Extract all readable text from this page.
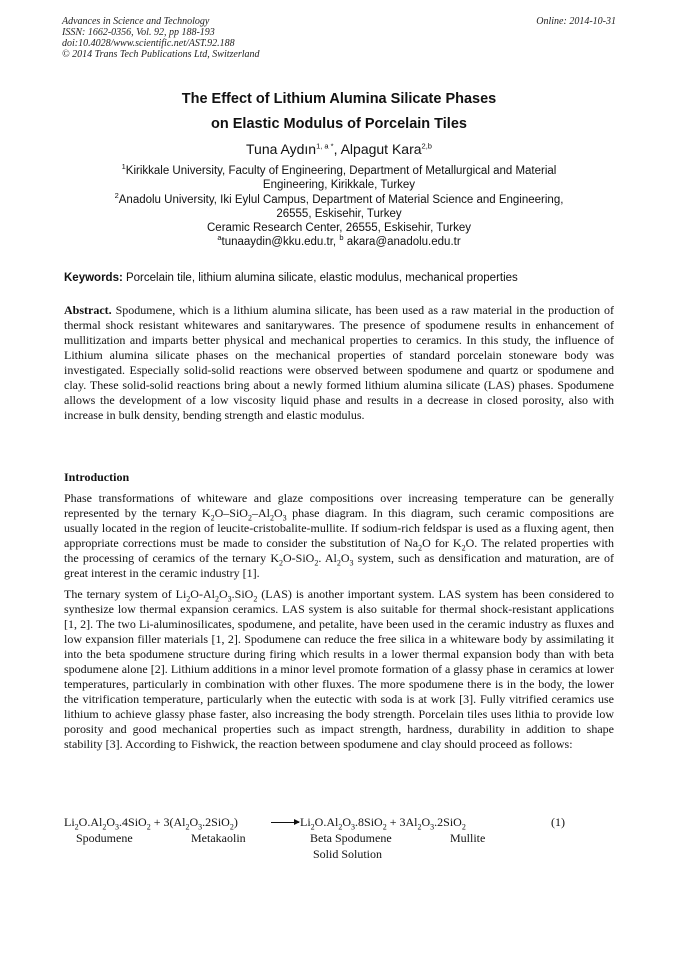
Advances in Science and Technology
ISSN: 1662-0356, Vol. 92, pp 188-193
doi:10.4028/www.scientific.net/AST.92.188
© 2014 Trans Tech Publications Ltd, Switzerland
Online: 2014-10-31
The Effect of Lithium Alumina Silicate Phases
on Elastic Modulus of Porcelain Tiles
Tuna Aydın$^{1, a *}$, Alpagut Kara$^{2,b}$
$^1$Kirikkale University, Faculty of Engineering, Department of Metallurgical and Material
Engineering, Kirikkale, Turkey
$^2$Anadolu University, Iki Eylul Campus, Department of Material Science and Engineering,
26555, Eskisehir, Turkey
Ceramic Research Center, 26555, Eskisehir, Turkey
$^a$tunaaydin@kku.edu.tr, $^b$ akara@anadolu.edu.tr
Keywords: Porcelain tile, lithium alumina silicate, elastic modulus, mechanical properties
Abstract. Spodumene, which is a lithium alumina silicate, has been used as a raw material in the production of thermal shock resistant whitewares and sanitarywares. The presence of spodumene results in enhancement of mullitization and imparts better physical and mechanical properties to ceramics. In this study, the influence of Lithium alumina silicate phases on the mechanical properties of standard porcelain stoneware body was investigated. Especially solid-solid reactions were observed between spodumene and quartz or spodumene and clay. These solid-solid reactions bring about a newly formed lithium alumina silicate (LAS) phases. Spodumene allows the development of a low viscosity liquid phase and results in a decrease in closed porosity, also with increase in bulk density, bending strength and elastic modulus.
Introduction
Phase transformations of whiteware and glaze compositions over increasing temperature can be generally represented by the ternary $K_2O-SiO_2-Al_2O_3$ phase diagram. In this diagram, such ceramic compositions are usually located in the region of leucite-cristobalite-mullite. If sodium-rich feldspar is used as a fluxing agent, then appropriate corrections must be made to consider the substitution of $Na_2O$ for $K_2O$. The related properties with the processing of ceramics of the ternary $K_2O-SiO_2$. $Al_2O_3$ system, such as densification and maturation, are of great interest in the ceramic industry [1].
The ternary system of $Li_2O-Al_2O_3.SiO_2$ (LAS) is another important system. LAS system has been considered to synthesize low thermal expansion ceramics. LAS system is also suitable for thermal shock-resistant applications [1, 2]. The two Li-aluminosilicates, spodumene, and petalite, have been used in the ceramic industry as fluxes and low expansion filler materials [1, 2]. Spodumene can reduce the free silica in a whiteware body by assimilating it into the beta spodumene structure during firing which results in a lower thermal expansion body than with beta spodumene alone [2]. Lithium additions in a minor level promote formation of a glassy phase in ceramics at lower temperatures, particularly in combination with other fluxes. The more spodumene there is in the body, the lower the vitrification temperature, particularly when the eutectic with soda is at work [3]. Fully vitrified ceramics use lithium to achieve glassy phase faster, also increasing the body strength. Porcelain tiles uses lithia to provide low porosity and good mechanical properties such as impact strength, hardness, durability in addition to shape stability [3]. According to Fishwick, the reaction between spodumene and clay should proceed as follows:
$Li_2O.Al_2O_3.4SiO_2 + 3(Al_2O_3.2SiO_2) \to Li_2O.Al_2O_3.8SiO_2 + 3Al_2O_3.2SiO_2$	(1)
Spodumene	Metakaolin	Beta Spodumene	Mullite
Solid Solution
